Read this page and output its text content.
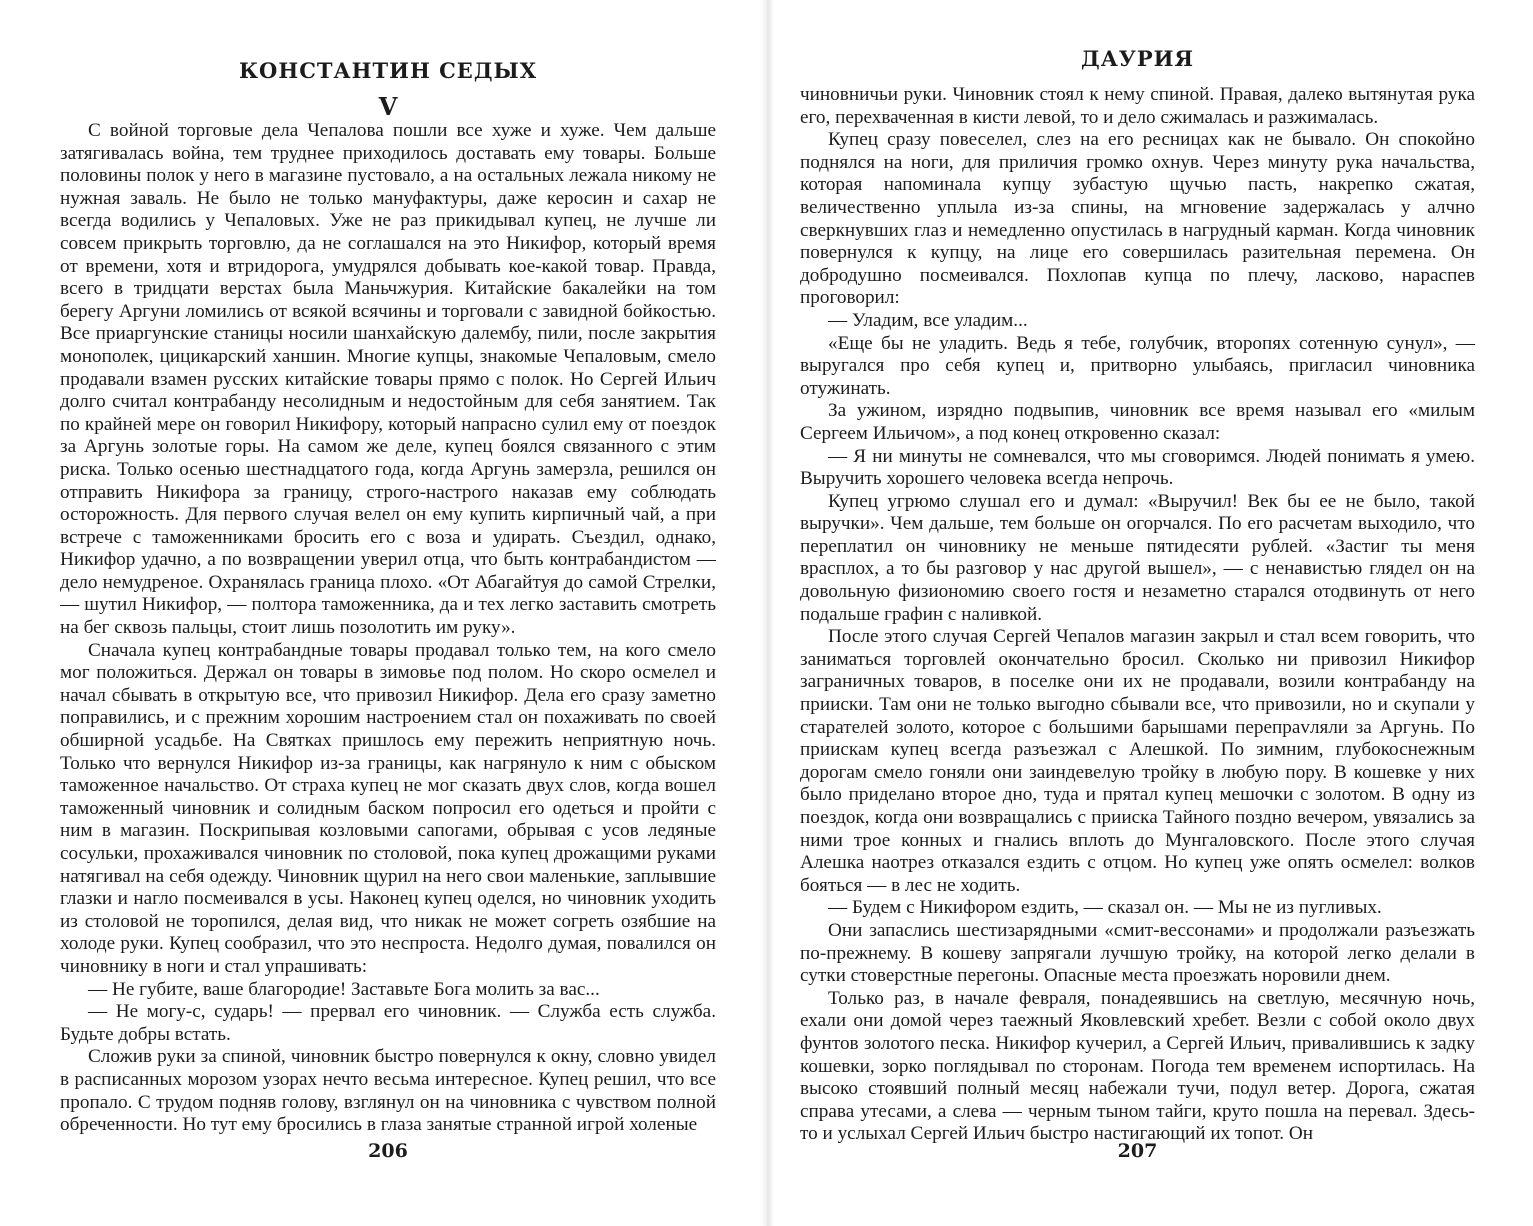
КОНСТАНТИН СЕДЫХ
V

С войной торговые дела Чепалова пошли все хуже и хуже. Чем дальше затягивалась война, тем труднее приходилось доставать ему товары. Больше половины полок у него в магазине пустовало, а на остальных лежала никому не нужная заваль. Не было не только мануфактуры, даже керосин и сахар не всегда водились у Чепаловых. Уже не раз прикидывал купец, не лучше ли совсем прикрыть торговлю, да не соглашался на это Никифор, который время от времени, хотя и втридорога, умудрялся добывать кое-какой товар. Правда, всего в тридцати верстах была Маньчжурия. Китайские бакалейки на том берегу Аргуни ломились от всякой всячины и торговали с завидной бойкостью. Все приаргунские станицы носили шанхайскую далембу, пили, после закрытия монополек, цицикарский ханшин. Многие купцы, знакомые Чепаловым, смело продавали взамен русских китайские товары прямо с полок. Но Сергей Ильич долго считал контрабанду несолидным и недостойным для себя занятием. Так по крайней мере он говорил Никифору, который напрасно сулил ему от поездок за Аргунь золотые горы. На самом же деле, купец боялся связанного с этим риска. Только осенью шестнадцатого года, когда Аргунь замерзла, решился он отправить Никифора за границу, строго-настрого наказав ему соблюдать осторожность. Для первого случая велел он ему купить кирпичный чай, а при встрече с таможенниками бросить его с воза и удирать. Съездил, однако, Никифор удачно, а по возвращении уверил отца, что быть контрабандистом — дело немудреное. Охранялась граница плохо. «От Абагайтуя до самой Стрелки, — шутил Никифор, — полтора таможенника, да и тех легко заставить смотреть на бег сквозь пальцы, стоит лишь позолотить им руку».

Сначала купец контрабандные товары продавал только тем, на кого смело мог положиться. Держал он товары в зимовье под полом. Но скоро осмелел и начал сбывать в открытую все, что привозил Никифор. Дела его сразу заметно поправились, и с прежним хорошим настроением стал он похаживать по своей обширной усадьбе. На Святках пришлось ему пережить неприятную ночь. Только что вернулся Никифор из-за границы, как нагрянуло к ним с обыском таможенное начальство. От страха купец не мог сказать двух слов, когда вошел таможенный чиновник и солидным баском попросил его одеться и пройти с ним в магазин. Поскрипывая козловыми сапогами, обрывая с усов ледяные сосульки, прохаживался чиновник по столовой, пока купец дрожащими руками натягивал на себя одежду. Чиновник щурил на него свои маленькие, заплывшие глазки и нагло посмеивался в усы. Наконец купец оделся, но чиновник уходить из столовой не торопился, делая вид, что никак не может согреть озябшие на холоде руки. Купец сообразил, что это неспроста. Недолго думая, повалился он чиновнику в ноги и стал упрашивать:

— Не губите, ваше благородие! Заставьте Бога молить за вас...

— Не могу-с, сударь! — прервал его чиновник. — Служба есть служба. Будьте добры встать.

Сложив руки за спиной, чиновник быстро повернулся к окну, словно увидел в расписанных морозом узорах нечто весьма интересное. Купец решил, что все пропало. С трудом подняв голову, взглянул он на чиновника с чувством полной обреченности. Но тут ему бросились в глаза занятые странной игрой холеные

206
ДАУРИЯ

чиновничьи руки. Чиновник стоял к нему спиной. Правая, далеко вытянутая рука его, перехваченная в кисти левой, то и дело сжималась и разжималась.

Купец сразу повеселел, слез на его ресницах как не бывало. Он спокойно поднялся на ноги, для приличия громко охнув. Через минуту рука начальства, которая напоминала купцу зубастую щучью пасть, накрепко сжатая, величественно уплыла из-за спины, на мгновение задержалась у алчно сверкнувших глаз и немедленно опустилась в нагрудный карман. Когда чиновник повернулся к купцу, на лице его совершилась разительная перемена. Он добродушно посмеивался. Похлопав купца по плечу, ласково, нараспев проговорил:

— Уладим, все уладим...

«Еще бы не уладить. Ведь я тебе, голубчик, второпях сотенную сунул», — выругался про себя купец и, притворно улыбаясь, пригласил чиновника отужинать.

За ужином, изрядно подвыпив, чиновник все время называл его «милым Сергеем Ильичом», а под конец откровенно сказал:

— Я ни минуты не сомневался, что мы сговоримся. Людей понимать я умею. Выручить хорошего человека всегда непрочь.

Купец угрюмо слушал его и думал: «Выручил! Век бы ее не было, такой выручки». Чем дальше, тем больше он огорчался. По его расчетам выходило, что переплатил он чиновнику не меньше пятидесяти рублей. «Застиг ты меня врасплох, а то бы разговор у нас другой вышел», — с ненавистью глядел он на довольную физиономию своего гостя и незаметно старался отодвинуть от него подальше графин с наливкой.

После этого случая Сергей Чепалов магазин закрыл и стал всем говорить, что заниматься торговлей окончательно бросил. Сколько ни привозил Никифор заграничных товаров, в поселке они их не продавали, возили контрабанду на прииски. Там они не только выгодно сбывали все, что привозили, но и скупали у старателей золото, которое с большими барышами перепрavляли за Аргунь. По приискам купец всегда разъезжал с Алешкой. По зимним, глубокоснежным дорогам смело гоняли они заиндевелую тройку в любую пору. В кошевке у них было приделано второе дно, туда и прятал купец мешочки с золотом. В одну из поездок, когда они возвращались с прииска Тайного поздно вечером, увязались за ними трое конных и гнались вплоть до Мунгаловского. После этого случая Алешка наотрез отказался ездить с отцом. Но купец уже опять осмелел: волков бояться — в лес не ходить.

— Будем с Никифором ездить, — сказал он. — Мы не из пугливых.

Они запаслись шестизарядными «смит-вессонами» и продолжали разъезжать по-прежнему. В кошеву запрягали лучшую тройку, на которой легко делали в сутки стоверстные перегоны. Опасные места проезжать норовили днем.

Только раз, в начале февраля, понадеявшись на светлую, месячную ночь, ехали они домой через таежный Яковлевский хребет. Везли с собой около двух фунтов золотого песка. Никифор кучерил, а Сергей Ильич, привалившись к задку кошевки, зорко поглядывал по сторонам. Погода тем временем испортилась. На высоко стоявший полный месяц набежали тучи, подул ветер. Дорога, сжатая справа утесами, а слева — черным тыном тайги, круто пошла на перевал. Здесь-то и услыхал Сергей Ильич быстро настигающий их топот. Он

207
